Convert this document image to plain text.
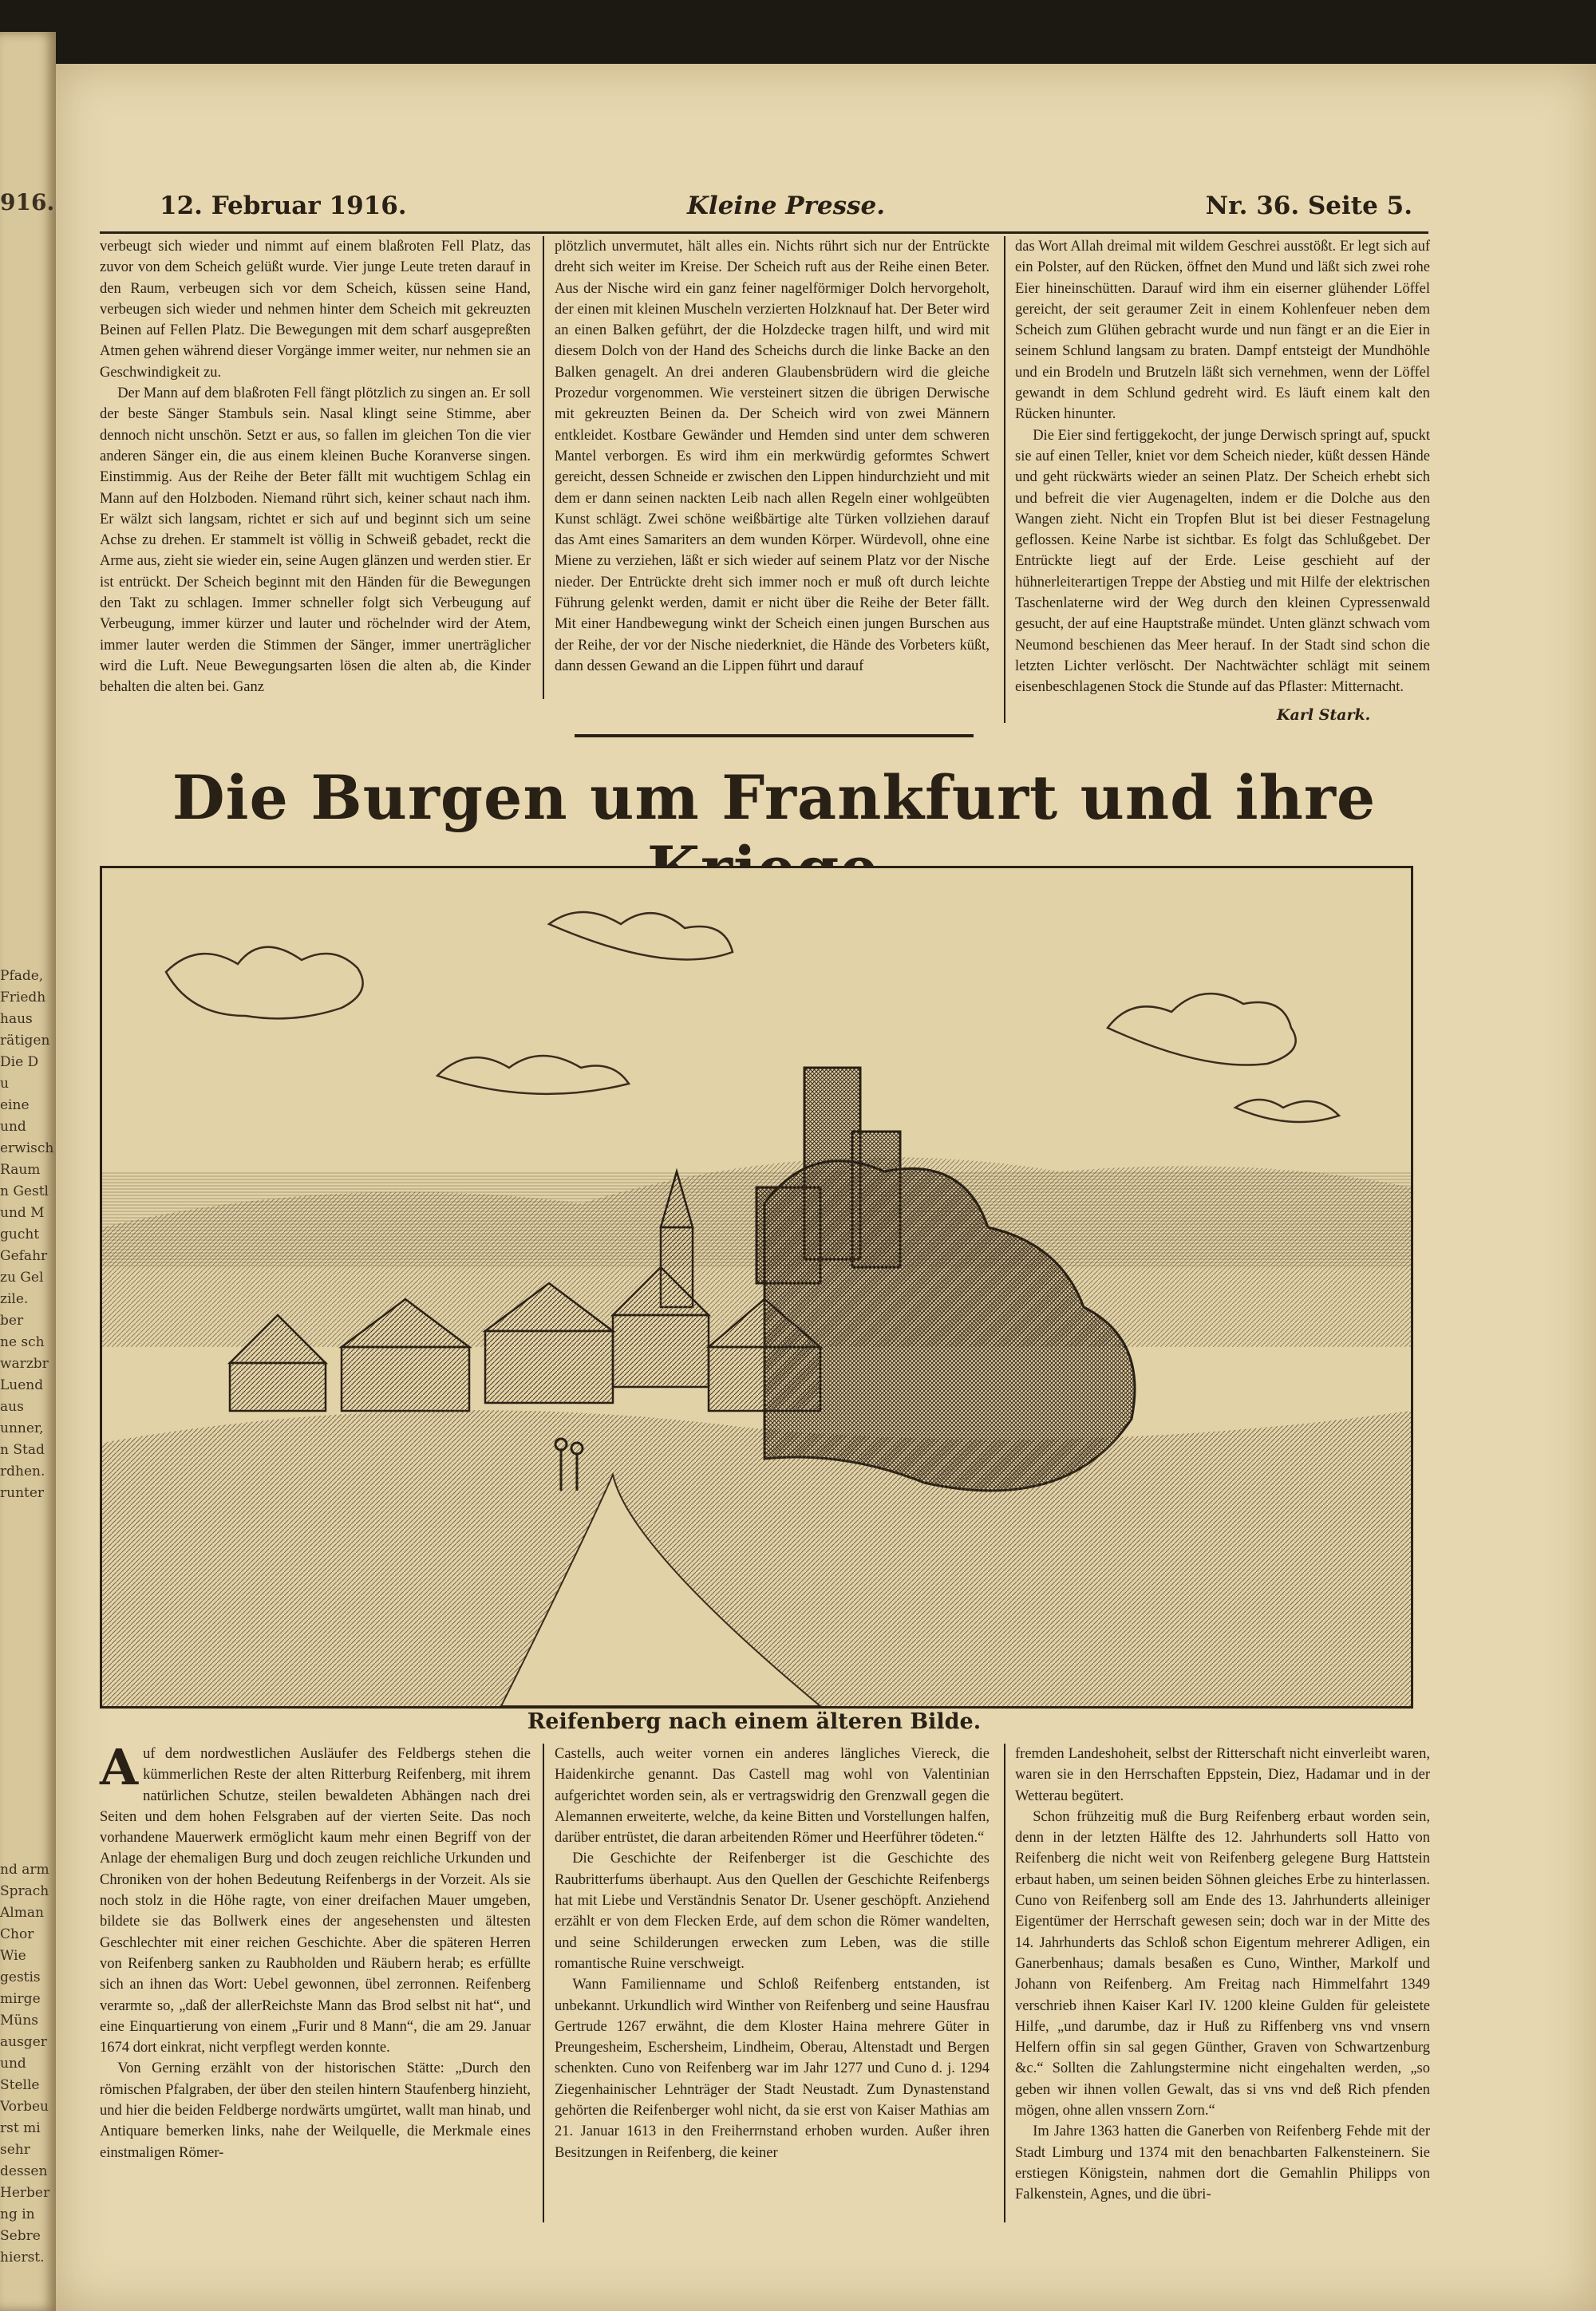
916.
Pfade,
Friedh
haus
rätigen
Die D
u
eine
und
erwisch
Raum
n Gestl
und M
gucht
Gefahr
zu Gel
zile.
ber
ne sch
warzbr
Luend
aus
unner,
n Stad
rdhen.
runter
nd arm
Sprach
Alman
Chor
Wie
gestis
mirge
Müns
ausger
und
Stelle
Vorbeu
rst mi
sehr
dessen
Herber
ng in
Sebre
hierst.
12. Februar 1916.	Kleine Presse.	Nr. 36. Seite 5.

verbeugt sich wieder und nimmt auf einem blaßroten Fell Platz, das zuvor von dem Scheich gelüßt wurde. Vier junge Leute treten darauf in den Raum, verbeugen sich vor dem Scheich, küssen seine Hand, verbeugen sich wieder und nehmen hinter dem Scheich mit gekreuzten Beinen auf Fellen Platz. Die Bewegungen mit dem scharf ausgepreßten Atmen gehen während dieser Vorgänge immer weiter, nur nehmen sie an Geschwindigkeit zu.

Der Mann auf dem blaßroten Fell fängt plötzlich zu singen an. Er soll der beste Sänger Stambuls sein. Nasal klingt seine Stimme, aber dennoch nicht unschön. Setzt er aus, so fallen im gleichen Ton die vier anderen Sänger ein, die aus einem kleinen Buche Koranverse singen. Einstimmig. Aus der Reihe der Beter fällt mit wuchtigem Schlag ein Mann auf den Holzboden. Niemand rührt sich, keiner schaut nach ihm. Er wälzt sich langsam, richtet er sich auf und beginnt sich um seine Achse zu drehen. Er stammelt ist völlig in Schweiß gebadet, reckt die Arme aus, zieht sie wieder ein, seine Augen glänzen und werden stier. Er ist entrückt. Der Scheich beginnt mit den Händen für die Bewegungen den Takt zu schlagen. Immer schneller folgt sich Verbeugung auf Verbeugung, immer kürzer und lauter und röchelnder wird der Atem, immer lauter werden die Stimmen der Sänger, immer unerträglicher wird die Luft. Neue Bewegungsarten lösen die alten ab, die Kinder behalten die alten bei. Ganz

plötzlich unvermutet, hält alles ein. Nichts rührt sich nur der Entrückte dreht sich weiter im Kreise. Der Scheich ruft aus der Reihe einen Beter. Aus der Nische wird ein ganz feiner nagelförmiger Dolch hervorgeholt, der einen mit kleinen Muscheln verzierten Holzknauf hat. Der Beter wird an einen Balken geführt, der die Holzdecke tragen hilft, und wird mit diesem Dolch von der Hand des Scheichs durch die linke Backe an den Balken genagelt. An drei anderen Glaubensbrüdern wird die gleiche Prozedur vorgenommen. Wie versteinert sitzen die übrigen Derwische mit gekreuzten Beinen da. Der Scheich wird von zwei Männern entkleidet. Kostbare Gewänder und Hemden sind unter dem schweren Mantel verborgen. Es wird ihm ein merkwürdig geformtes Schwert gereicht, dessen Schneide er zwischen den Lippen hindurchzieht und mit dem er dann seinen nackten Leib nach allen Regeln einer wohlgeübten Kunst schlägt. Zwei schöne weißbärtige alte Türken vollziehen darauf das Amt eines Samariters an dem wunden Körper. Würdevoll, ohne eine Miene zu verziehen, läßt er sich wieder auf seinem Platz vor der Nische nieder. Der Entrückte dreht sich immer noch er muß oft durch leichte Führung gelenkt werden, damit er nicht über die Reihe der Beter fällt. Mit einer Handbewegung winkt der Scheich einen jungen Burschen aus der Reihe, der vor der Nische niederkniet, die Hände des Vorbeters küßt, dann dessen Gewand an die Lippen führt und darauf

das Wort Allah dreimal mit wildem Geschrei ausstößt. Er legt sich auf ein Polster, auf den Rücken, öffnet den Mund und läßt sich zwei rohe Eier hineinschütten. Darauf wird ihm ein eiserner glühender Löffel gereicht, der seit geraumer Zeit in einem Kohlenfeuer neben dem Scheich zum Glühen gebracht wurde und nun fängt er an die Eier in seinem Schlund langsam zu braten. Dampf entsteigt der Mundhöhle und ein Brodeln und Brutzeln läßt sich vernehmen, wenn der Löffel gewandt in dem Schlund gedreht wird. Es läuft einem kalt den Rücken hinunter.

Die Eier sind fertiggekocht, der junge Derwisch springt auf, spuckt sie auf einen Teller, kniet vor dem Scheich nieder, küßt dessen Hände und geht rückwärts wieder an seinen Platz. Der Scheich erhebt sich und befreit die vier Augenagelten, indem er die Dolche aus den Wangen zieht. Nicht ein Tropfen Blut ist bei dieser Festnagelung geflossen. Keine Narbe ist sichtbar. Es folgt das Schlußgebet. Der Entrückte liegt auf der Erde. Leise geschieht auf der hühnerleiterartigen Treppe der Abstieg und mit Hilfe der elektrischen Taschenlaterne wird der Weg durch den kleinen Cypressenwald gesucht, der auf eine Hauptstraße mündet. Unten glänzt schwach vom Neumond beschienen das Meer herauf. In der Stadt sind schon die letzten Lichter verlöscht. Der Nachtwächter schlägt mit seinem eisenbeschlagenen Stock die Stunde auf das Pflaster: Mitternacht.

Karl Stark.
Die Burgen um Frankfurt und ihre
Reifenberg nach einem älteren Bilde.
A uf dem nordwestlichen Ausläufer des Feldbergs stehen die kümmerlichen Reste der alten Ritterburg Reifenberg, mit ihrem natürlichen Schutze, steilen bewaldeten Abhängen nach drei Seiten und dem hohen Felsgraben auf der vierten Seite. Das noch vorhandene Mauerwerk ermöglicht kaum mehr einen Begriff von der Anlage der ehemaligen Burg und doch zeugen reichliche Urkunden und Chroniken von der hohen Bedeutung Reifenbergs in der Vorzeit. Als sie noch stolz in die Höhe ragte, von einer dreifachen Mauer umgeben, bildete sie das Bollwerk eines der angesehensten und ältesten Geschlechter mit einer reichen Geschichte. Aber die späteren Herren von Reifenberg sanken zu Raubholden und Räubern herab; es erfüllte sich an ihnen das Wort: Uebel gewonnen, übel zerronnen. Reifenberg verarmte so, „daß der allerReichste Mann das Brod selbst nit hat“, und eine Einquartierung von einem „Furir und 8 Mann“, die am 29. Januar 1674 dort einkrat, nicht verpflegt werden konnte.

Von Gerning erzählt von der historischen Stätte: „Durch den römischen Pfalgraben, der über den steilen hintern Staufenberg hinzieht, und hier die beiden Feldberge nordwärts umgürtet, wallt man hinab, und Antiquare bemerken links, nahe der Weilquelle, die Merkmale eines einstmaligen Römer-

Castells, auch weiter vornen ein anderes längliches Viereck, die Haidenkirche genannt. Das Castell mag wohl von Valentinian aufgerichtet worden sein, als er vertragswidrig den Grenzwall gegen die Alemannen erweiterte, welche, da keine Bitten und Vorstellungen halfen, darüber entrüstet, die daran arbeitenden Römer und Heerführer tödeten.“

Die Geschichte der Reifenberger ist die Geschichte des Raubritterfums überhaupt. Aus den Quellen der Geschichte Reifenbergs hat mit Liebe und Verständnis Senator Dr. Usener geschöpft. Anziehend erzählt er von dem Flecken Erde, auf dem schon die Römer wandelten, und seine Schilderungen erwecken zum Leben, was die stille romantische Ruine verschweigt.

Wann Familienname und Schloß Reifenberg entstanden, ist unbekannt. Urkundlich wird Winther von Reifenberg und seine Hausfrau Gertrude 1267 erwähnt, die dem Kloster Haina mehrere Güter in Preungesheim, Eschersheim, Lindheim, Oberau, Altenstadt und Bergen schenkten. Cuno von Reifenberg war im Jahr 1277 und Cuno d. j. 1294 Ziegenhainischer Lehnträger der Stadt Neustadt. Zum Dynastenstand gehörten die Reifenberger wohl nicht, da sie erst von Kaiser Mathias am 21. Januar 1613 in den Freiherrnstand erhoben wurden. Außer ihren Besitzungen in Reifenberg, die keiner

fremden Landeshoheit, selbst der Ritterschaft nicht einverleibt waren, waren sie in den Herrschaften Eppstein, Diez, Hadamar und in der Wetterau begütert.

Schon frühzeitig muß die Burg Reifenberg erbaut worden sein, denn in der letzten Hälfte des 12. Jahrhunderts soll Hatto von Reifenberg die nicht weit von Reifenberg gelegene Burg Hattstein erbaut haben, um seinen beiden Söhnen gleiches Erbe zu hinterlassen. Cuno von Reifenberg soll am Ende des 13. Jahrhunderts alleiniger Eigentümer der Herrschaft gewesen sein; doch war in der Mitte des 14. Jahrhunderts das Schloß schon Eigentum mehrerer Adligen, ein Ganerbenhaus; damals besaßen es Cuno, Winther, Markolf und Johann von Reifenberg. Am Freitag nach Himmelfahrt 1349 verschrieb ihnen Kaiser Karl IV. 1200 kleine Gulden für geleistete Hilfe, „und darumbe, daz ir Huß zu Riffenberg vns vnd vnsern Helfern offin sin sal gegen Günther, Graven von Schwartzenburg &c.“ Sollten die Zahlungstermine nicht eingehalten werden, „so geben wir ihnen vollen Gewalt, das si vns vnd deß Rich pfenden mögen, ohne allen vnssern Zorn.“

Im Jahre 1363 hatten die Ganerben von Reifenberg Fehde mit der Stadt Limburg und 1374 mit den benachbarten Falkensteinern. Sie erstiegen Königstein, nahmen dort die Gemahlin Philipps von Falkenstein, Agnes, und die übri-
